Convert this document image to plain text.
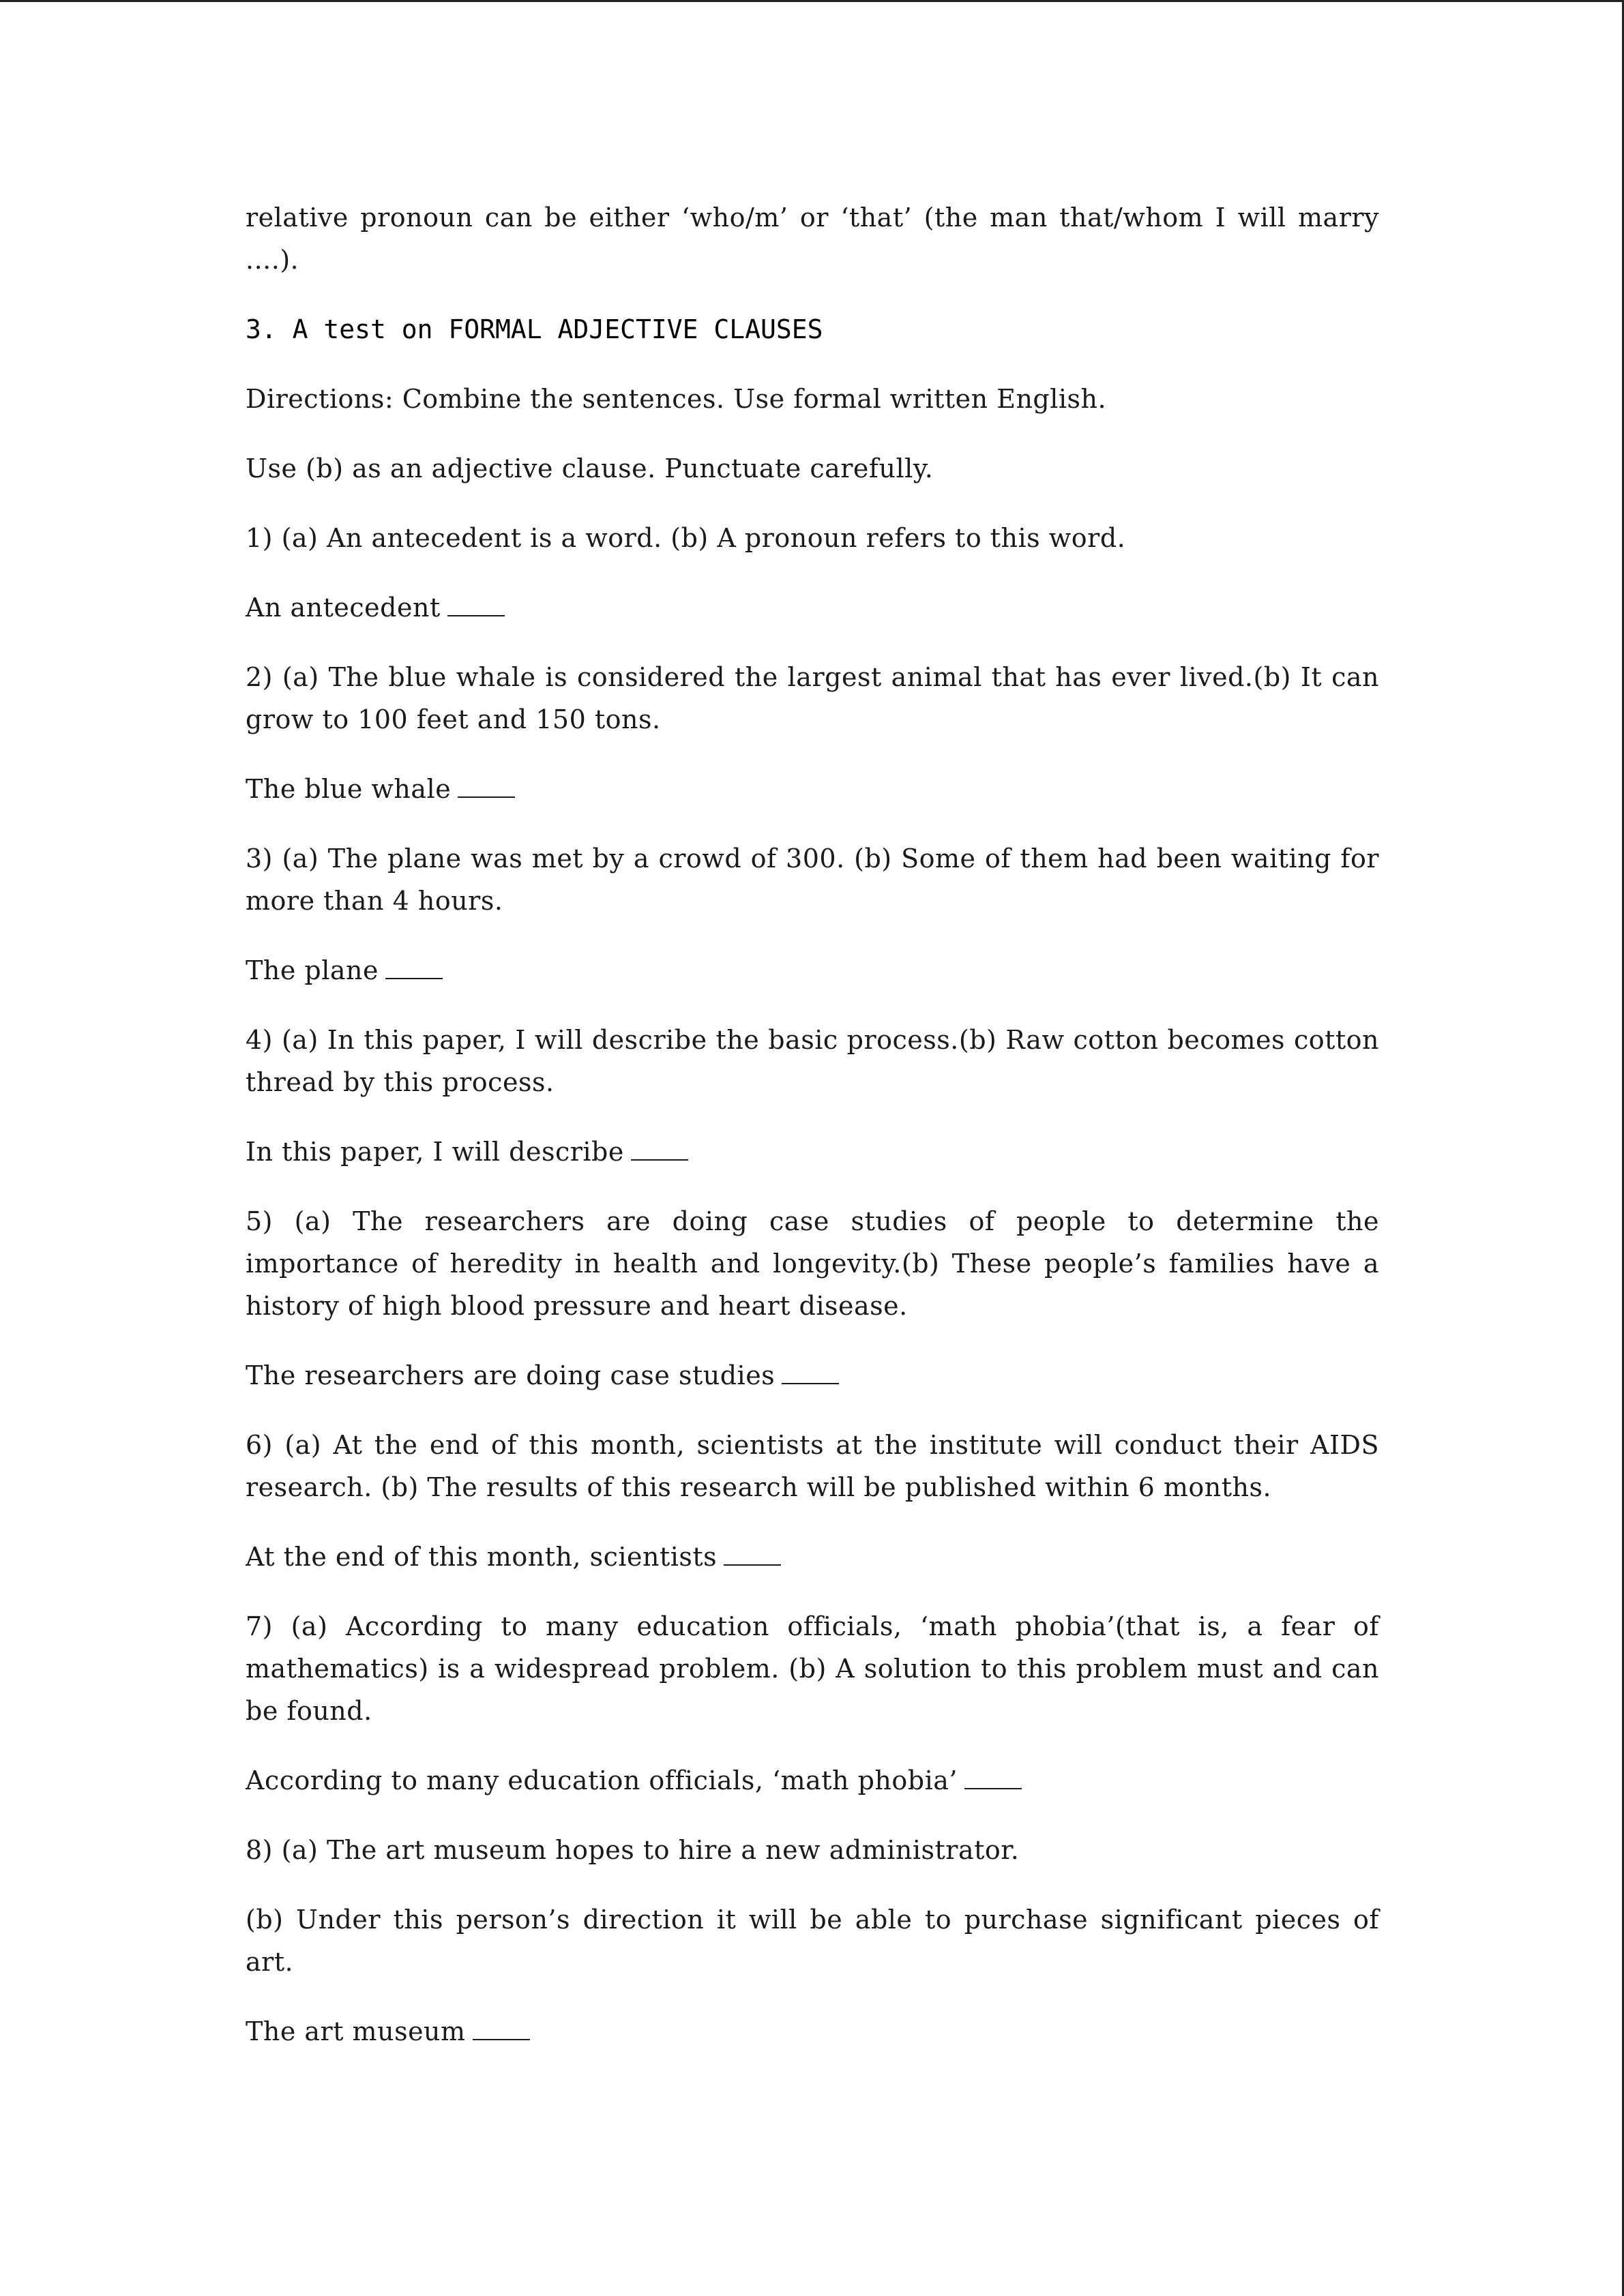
relative pronoun can be either ‘who/m’ or ‘that’ (the man that/whom I will marry ....).

3. A test on FORMAL ADJECTIVE CLAUSES

Directions: Combine the sentences. Use formal written English.

Use (b) as an adjective clause. Punctuate carefully.

1) (a) An antecedent is a word. (b) A pronoun refers to this word.

An antecedent

2) (a) The blue whale is considered the largest animal that has ever lived.(b) It can grow to 100 feet and 150 tons.

The blue whale

3) (a) The plane was met by a crowd of 300. (b) Some of them had been waiting for more than 4 hours.

The plane

4) (a) In this paper, I will describe the basic process.(b) Raw cotton becomes cotton thread by this process.

In this paper, I will describe

5) (a) The researchers are doing case studies of people to determine the importance of heredity in health and longevity.(b) These people’s families have a history of high blood pressure and heart disease.

The researchers are doing case studies

6) (a) At the end of this month, scientists at the institute will conduct their AIDS research. (b) The results of this research will be published within 6 months.

At the end of this month, scientists

7) (a) According to many education officials, ‘math phobia’(that is, a fear of mathematics) is a widespread problem. (b) A solution to this problem must and can be found.

According to many education officials, ‘math phobia’

8) (a) The art museum hopes to hire a new administrator.

(b) Under this person’s direction it will be able to purchase significant pieces of art.

The art museum
